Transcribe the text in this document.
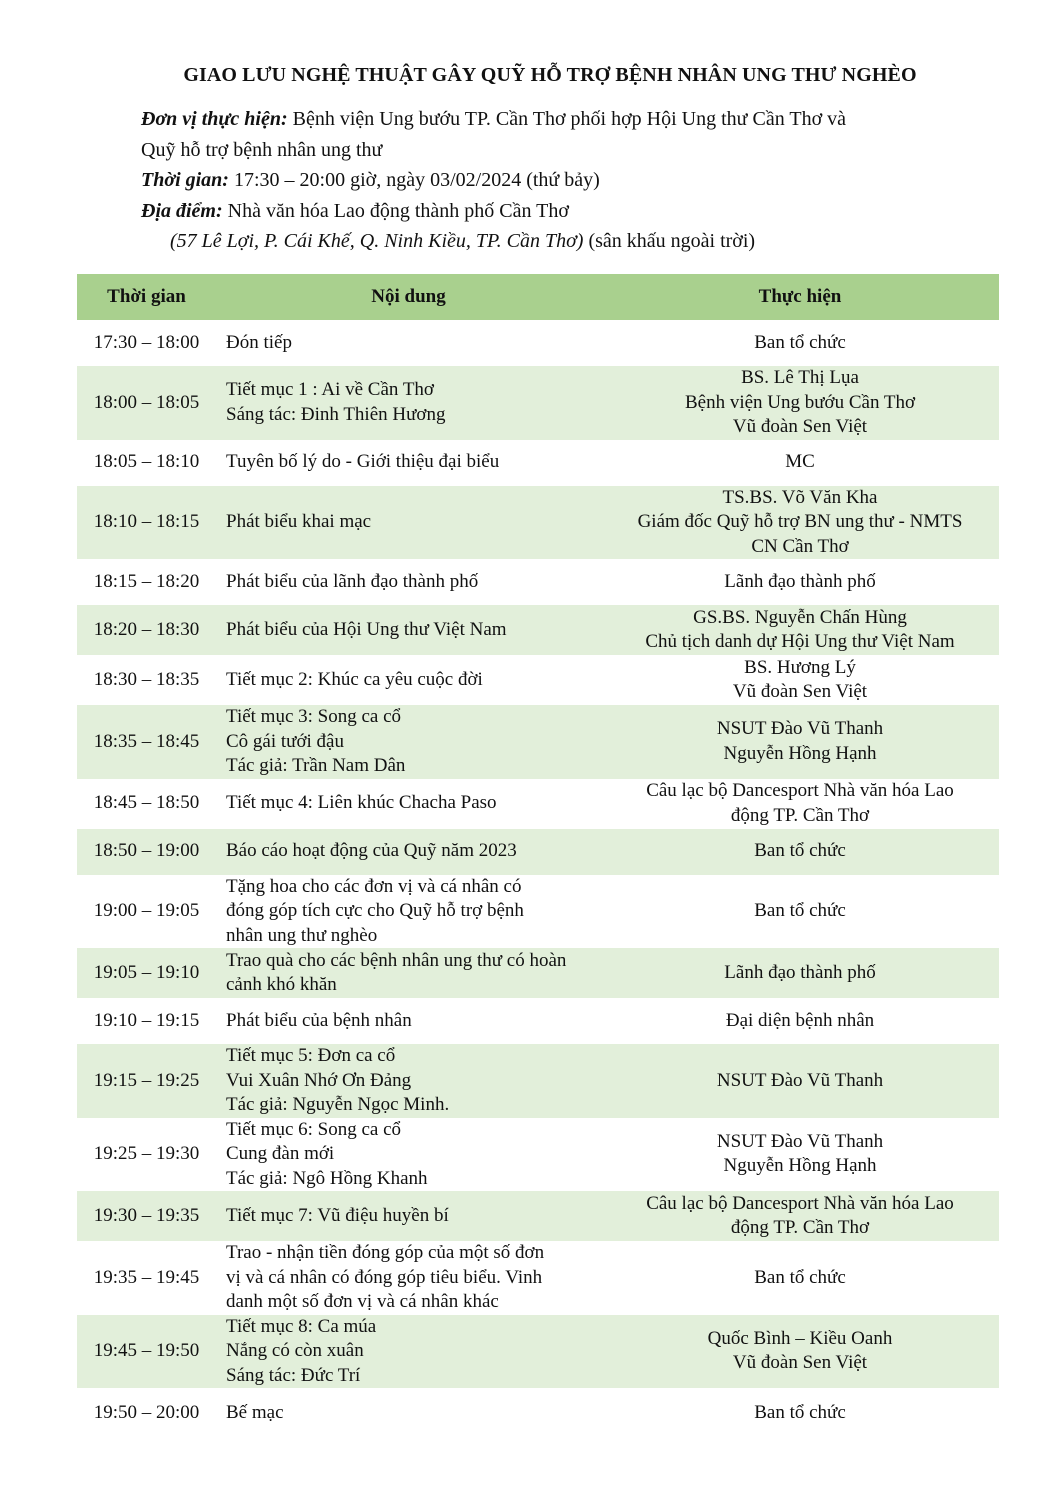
GIAO LƯU NGHỆ THUẬT GÂY QUỸ HỖ TRỢ BỆNH NHÂN UNG THƯ NGHÈO
Đơn vị thực hiện: Bệnh viện Ung bướu TP. Cần Thơ phối hợp Hội Ung thư Cần Thơ và
Quỹ hỗ trợ bệnh nhân ung thư
Thời gian: 17:30 – 20:00 giờ, ngày 03/02/2024 (thứ bảy)
Địa điểm: Nhà văn hóa Lao động thành phố Cần Thơ
(57 Lê Lợi, P. Cái Khế, Q. Ninh Kiều, TP. Cần Thơ) (sân khấu ngoài trời)
Thời gian	Nội dung	Thực hiện
17:30 – 18:00	Đón tiếp	Ban tổ chức

18:00 – 18:05	Tiết mục 1 : Ai về Cần Thơ
Sáng tác: Đinh Thiên Hương	BS. Lê Thị Lụa
Bệnh viện Ung bướu Cần Thơ
Vũ đoàn Sen Việt

18:05 – 18:10	Tuyên bố lý do - Giới thiệu đại biểu	MC

18:10 – 18:15	Phát biểu khai mạc	TS.BS. Võ Văn Kha
Giám đốc Quỹ hỗ trợ BN ung thư - NMTS
CN Cần Thơ

18:15 – 18:20	Phát biểu của lãnh đạo thành phố	Lãnh đạo thành phố

18:20 – 18:30	Phát biểu của Hội Ung thư Việt Nam	GS.BS. Nguyễn Chấn Hùng
Chủ tịch danh dự Hội Ung thư Việt Nam

18:30 – 18:35	Tiết mục 2: Khúc ca yêu cuộc đời	BS. Hương Lý
Vũ đoàn Sen Việt

18:35 – 18:45	Tiết mục 3: Song ca cổ
Cô gái tưới đậu
Tác giả: Trần Nam Dân	NSUT Đào Vũ Thanh
Nguyễn Hồng Hạnh

18:45 – 18:50	Tiết mục 4: Liên khúc Chacha Paso	Câu lạc bộ Dancesport Nhà văn hóa Lao
động TP. Cần Thơ

18:50 – 19:00	Báo cáo hoạt động của Quỹ năm 2023	Ban tổ chức

19:00 – 19:05	Tặng hoa cho các đơn vị và cá nhân có
đóng góp tích cực cho Quỹ hỗ trợ bệnh
nhân ung thư nghèo	Ban tổ chức

19:05 – 19:10	Trao quà cho các bệnh nhân ung thư có hoàn
cảnh khó khăn	Lãnh đạo thành phố

19:10 – 19:15	Phát biểu của bệnh nhân	Đại diện bệnh nhân

19:15 – 19:25	Tiết mục 5: Đơn ca cổ
Vui Xuân Nhớ Ơn Đảng
Tác giả: Nguyễn Ngọc Minh.	NSUT Đào Vũ Thanh

19:25 – 19:30	Tiết mục 6: Song ca cổ
Cung đàn mới
Tác giả: Ngô Hồng Khanh	NSUT Đào Vũ Thanh
Nguyễn Hồng Hạnh

19:30 – 19:35	Tiết mục 7: Vũ điệu huyền bí	Câu lạc bộ Dancesport Nhà văn hóa Lao
động TP. Cần Thơ

19:35 – 19:45	Trao - nhận tiền đóng góp của một số đơn
vị và cá nhân có đóng góp tiêu biểu. Vinh
danh một số đơn vị và cá nhân khác	Ban tổ chức

19:45 – 19:50	Tiết mục 8: Ca múa
Nắng có còn xuân
Sáng tác: Đức Trí	Quốc Bình – Kiều Oanh
Vũ đoàn Sen Việt

19:50 – 20:00	Bế mạc	Ban tổ chức
